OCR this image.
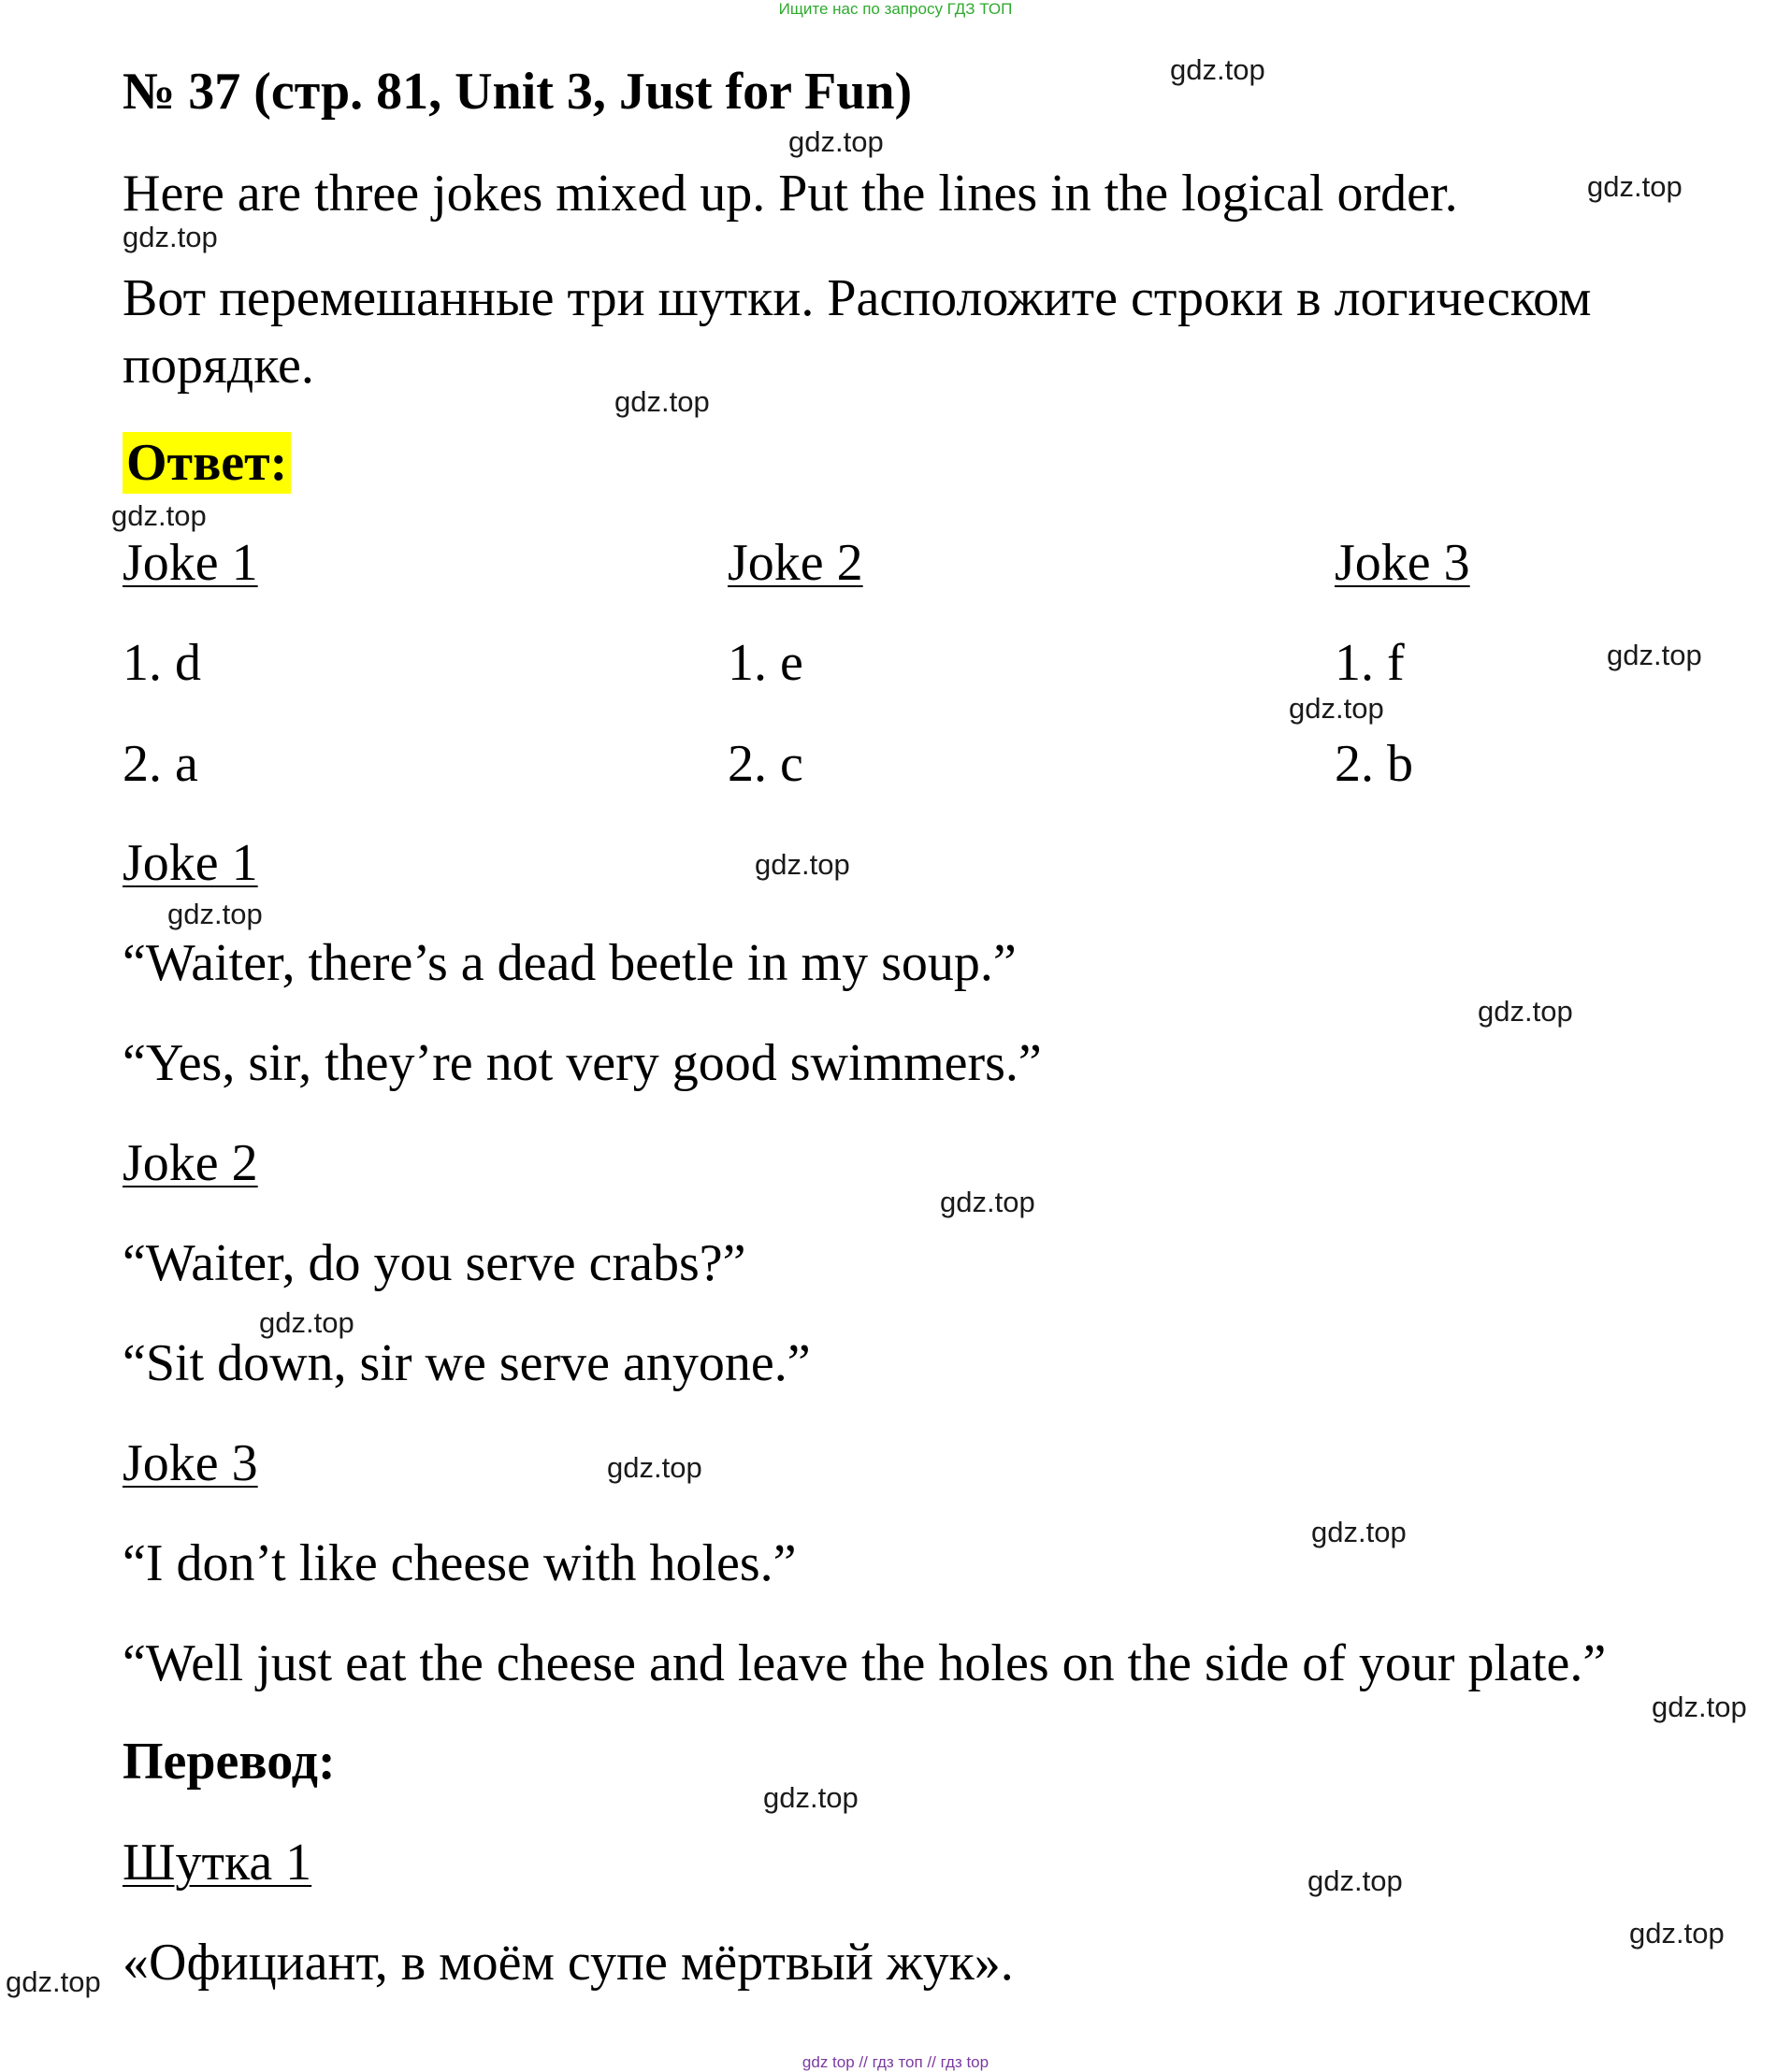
Ищите нас по запросу ГДЗ ТОП
№ 37 (стр. 81, Unit 3, Just for Fun)
Here are three jokes mixed up. Put the lines in the logical order.
Вот перемешанные три шутки. Расположите строки в логическом порядке.
Ответ:
Joke 1	Joke 2	Joke 3
1. d	1. e	1. f
2. a	2. c	2. b
Joke 1
“Waiter, there’s a dead beetle in my soup.”
“Yes, sir, they’re not very good swimmers.”
Joke 2
“Waiter, do you serve crabs?”
“Sit down, sir we serve anyone.”
Joke 3
“I don’t like cheese with holes.”
“Well just eat the cheese and leave the holes on the side of your plate.”
Перевод:
Шутка 1
«Официант, в моём супе мёртвый жук».
gdz.top
gdz.top
gdz.top
gdz.top
gdz.top
gdz.top
gdz.top
gdz.top
gdz.top
gdz.top
gdz.top
gdz.top
gdz.top
gdz.top
gdz.top
gdz.top
gdz.top
gdz.top
gdz.top
gdz.top
gdz top // гдз топ // гдз top
